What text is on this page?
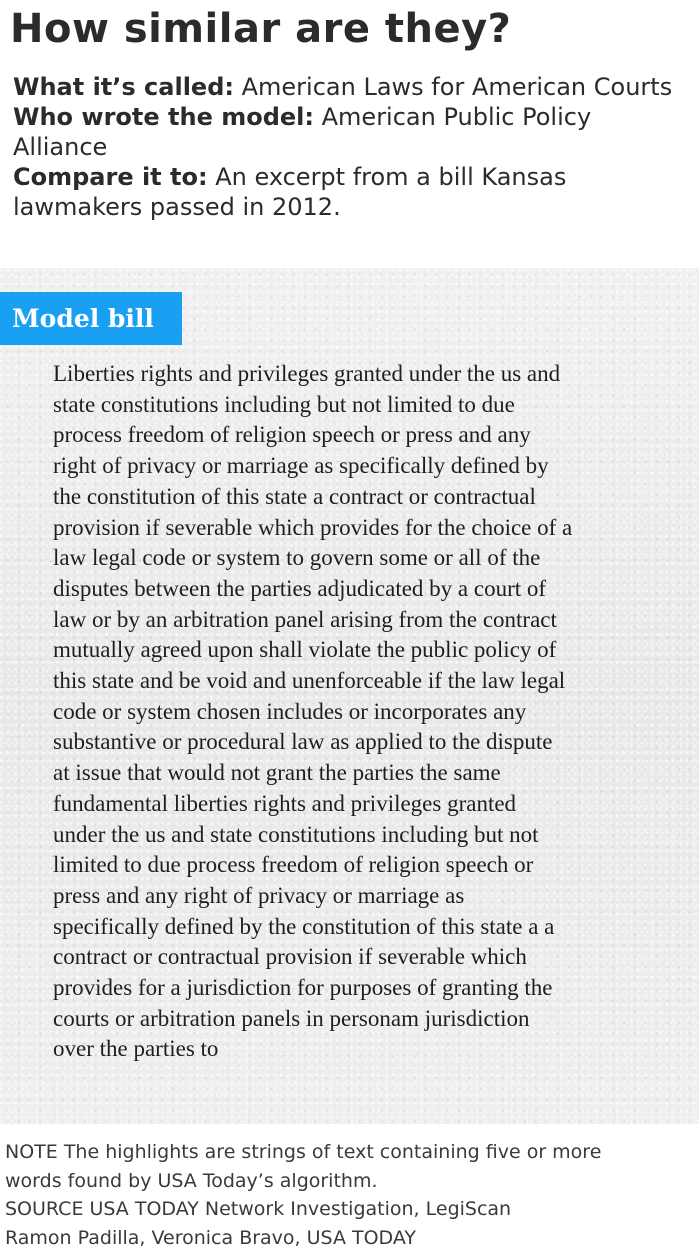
How similar are they?

What it’s called: American Laws for American Courts

Who wrote the model: American Public Policy Alliance

Compare it to: An excerpt from a bill Kansas lawmakers passed in 2012.

Model bill
Liberties rights and privileges granted under the us and
state constitutions including but not limited to due
process freedom of religion speech or press and any
right of privacy or marriage as specifically defined by
the constitution of this state a contract or contractual
provision if severable which provides for the choice of a
law legal code or system to govern some or all of the
disputes between the parties adjudicated by a court of
law or by an arbitration panel arising from the contract
mutually agreed upon shall violate the public policy of
this state and be void and unenforceable if the law legal
code or system chosen includes or incorporates any
substantive or procedural law as applied to the dispute
at issue that would not grant the parties the same
fundamental liberties rights and privileges granted
under the us and state constitutions including but not
limited to due process freedom of religion speech or
press and any right of privacy or marriage as
specifically defined by the constitution of this state a a
contract or contractual provision if severable which
provides for a jurisdiction for purposes of granting the
courts or arbitration panels in personam jurisdiction
over the parties to
NOTE The highlights are strings of text containing five or more
words found by USA Today’s algorithm.
SOURCE USA TODAY Network Investigation, LegiScan
Ramon Padilla, Veronica Bravo, USA TODAY
